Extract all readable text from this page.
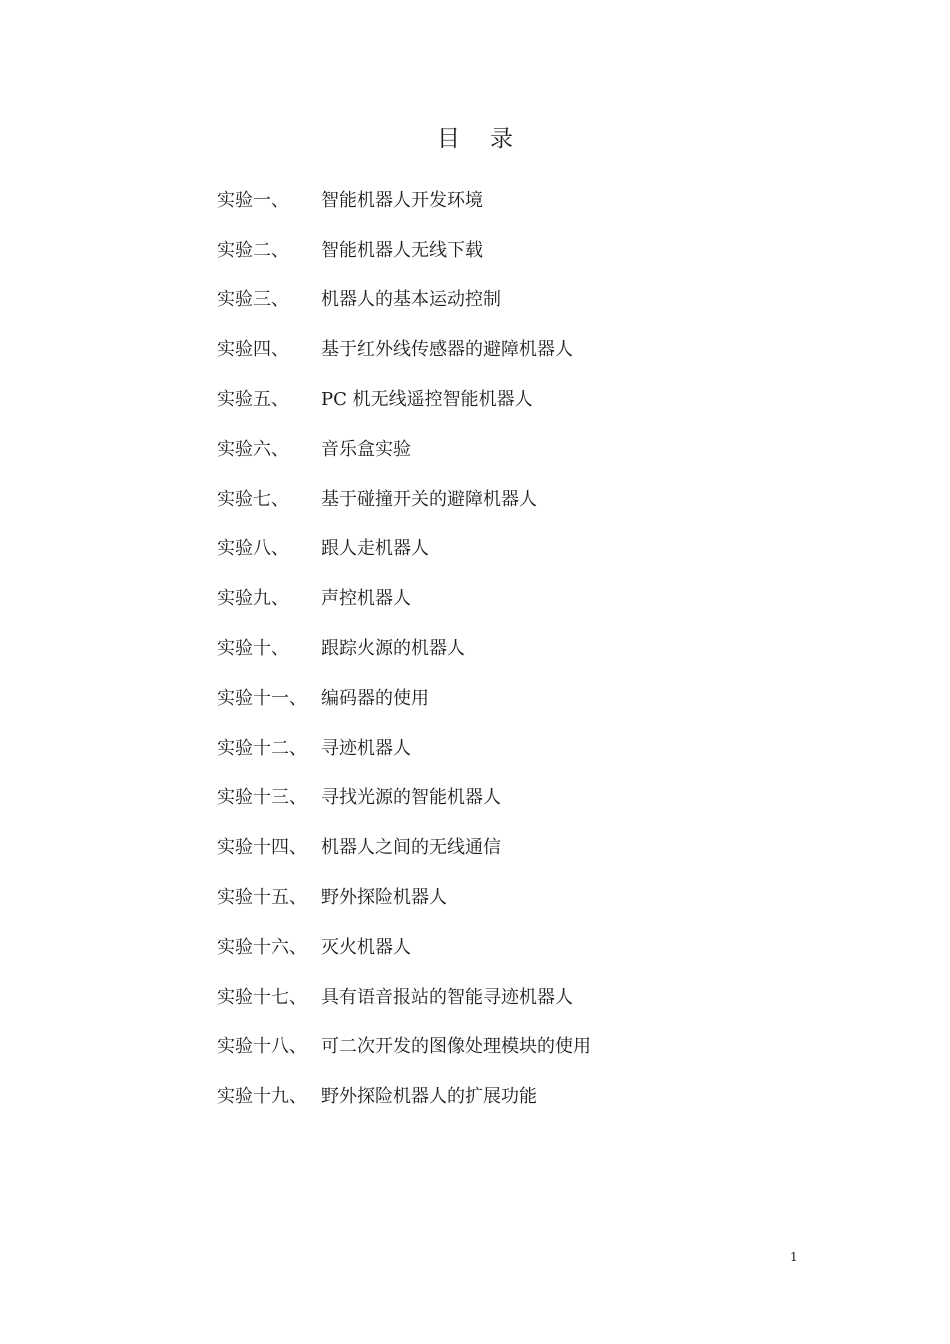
目 录
实验一、	智能机器人开发环境
实验二、	智能机器人无线下载
实验三、	机器人的基本运动控制
实验四、	基于红外线传感器的避障机器人
实验五、	PC 机无线遥控智能机器人
实验六、	音乐盒实验
实验七、	基于碰撞开关的避障机器人
实验八、	跟人走机器人
实验九、	声控机器人
实验十、	跟踪火源的机器人
实验十一、 编码器的使用
实验十二、 寻迹机器人
实验十三、 寻找光源的智能机器人
实验十四、 机器人之间的无线通信
实验十五、 野外探险机器人
实验十六、 灭火机器人
实验十七、 具有语音报站的智能寻迹机器人
实验十八、 可二次开发的图像处理模块的使用
实验十九、 野外探险机器人的扩展功能
1
